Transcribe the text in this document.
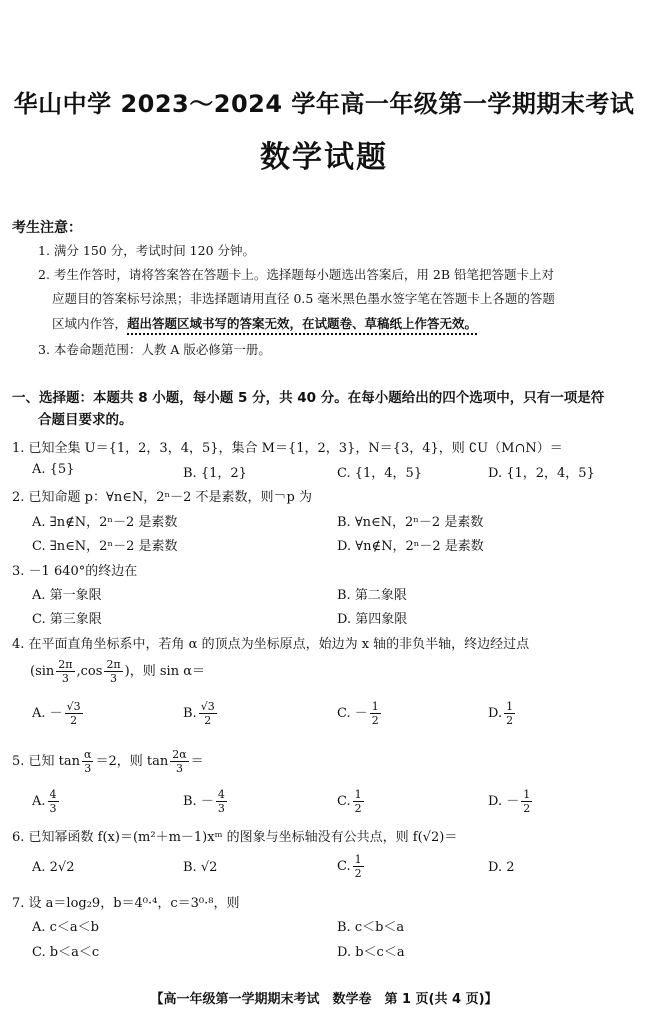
华山中学 2023～2024 学年高一年级第一学期期末考试
数学试题
考生注意：
1. 满分 150 分，考试时间 120 分钟。
2. 考生作答时，请将答案答在答题卡上。选择题每小题选出答案后，用 2B 铅笔把答题卡上对
应题目的答案标号涂黑；非选择题请用直径 0.5 毫米黑色墨水签字笔在答题卡上各题的答题
区域内作答，超出答题区域书写的答案无效，在试题卷、草稿纸上作答无效。
3. 本卷命题范围：人教 A 版必修第一册。
一、选择题：本题共 8 小题，每小题 5 分，共 40 分。在每小题给出的四个选项中，只有一项是符
合题目要求的。
1. 已知全集 U＝{1，2，3，4，5}，集合 M＝{1，2，3}，N＝{3，4}，则 ∁U（M∩N）＝
A. {5}	B. {1，2}	C. {1，4，5}	D. {1，2，4，5}
2. 已知命题 p：∀n∈N，2ⁿ－2 不是素数，则￢p 为
A. ∃n∉N，2ⁿ－2 是素数	B. ∀n∈N，2ⁿ－2 是素数
C. ∃n∈N，2ⁿ－2 是素数	D. ∀n∉N，2ⁿ－2 是素数
3. －1 640°的终边在
A. 第一象限	B. 第二象限
C. 第三象限	D. 第四象限
4. 在平面直角坐标系中，若角 α 的顶点为坐标原点，始边为 x 轴的非负半轴，终边经过点
($\sin \frac{2\pi}{3} ,\cos \frac{2\pi}{3}$ )，则 sin α＝
A. － $\frac{√3}{2}$	B. $\frac{√3}{2}$	C. － $\frac{1}{2}$	D. $\frac{1}{2}$
5. 已知 $\tan \frac{\alpha}{3} =2$，则 $\tan \frac{2\alpha}{3}$ ＝
A. $\frac{4}{3}$	B. － $\frac{4}{3}$	C. $\frac{1}{2}$	D. － $\frac{1}{2}$
6. 已知幂函数 f(x)＝(m²＋m－1)xᵐ 的图象与坐标轴没有公共点，则 f(√2)＝
A. 2√2	B. √2	C. $\frac{1}{2}$	D. 2
7. 设 a＝log₂9，b＝4⁰·⁴，c＝3⁰·⁸，则
A. c＜a＜b	B. c＜b＜a
C. b＜a＜c	D. b＜c＜a
【高一年级第一学期期末考试　数学卷　第 1 页(共 4 页)】
